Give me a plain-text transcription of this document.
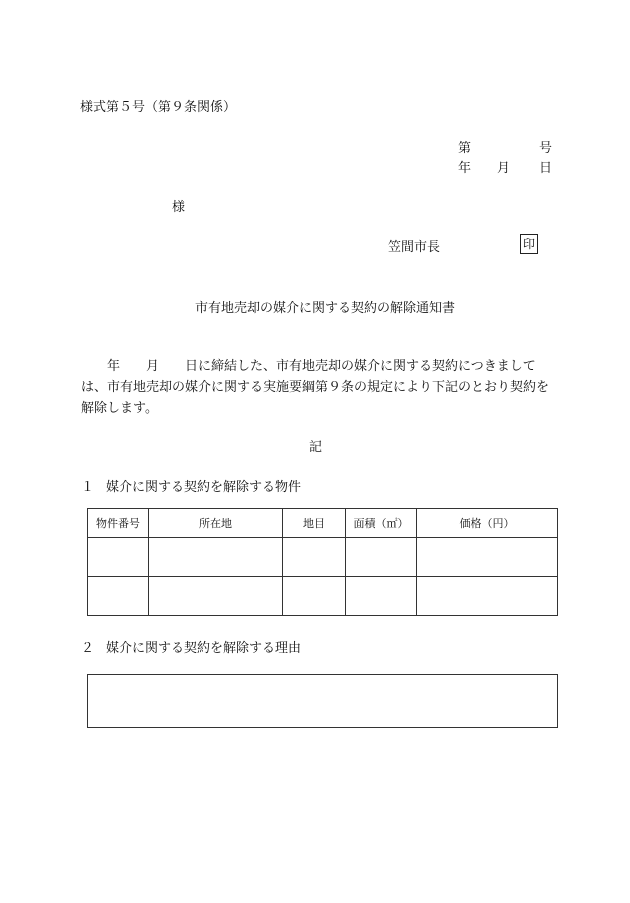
様式第５号（第９条関係）
第	号
年 月 日
様
笠間市長	印
市有地売却の媒介に関する契約の解除通知書
　　年　　月　　日に締結した、市有地売却の媒介に関する契約につきましては、市有地売却の媒介に関する実施要綱第９条の規定により下記のとおり契約を解除します。
記
１ 媒介に関する契約を解除する物件
物件番号	所在地	地目	面積（㎡）	価格（円）

２ 媒介に関する契約を解除する理由
